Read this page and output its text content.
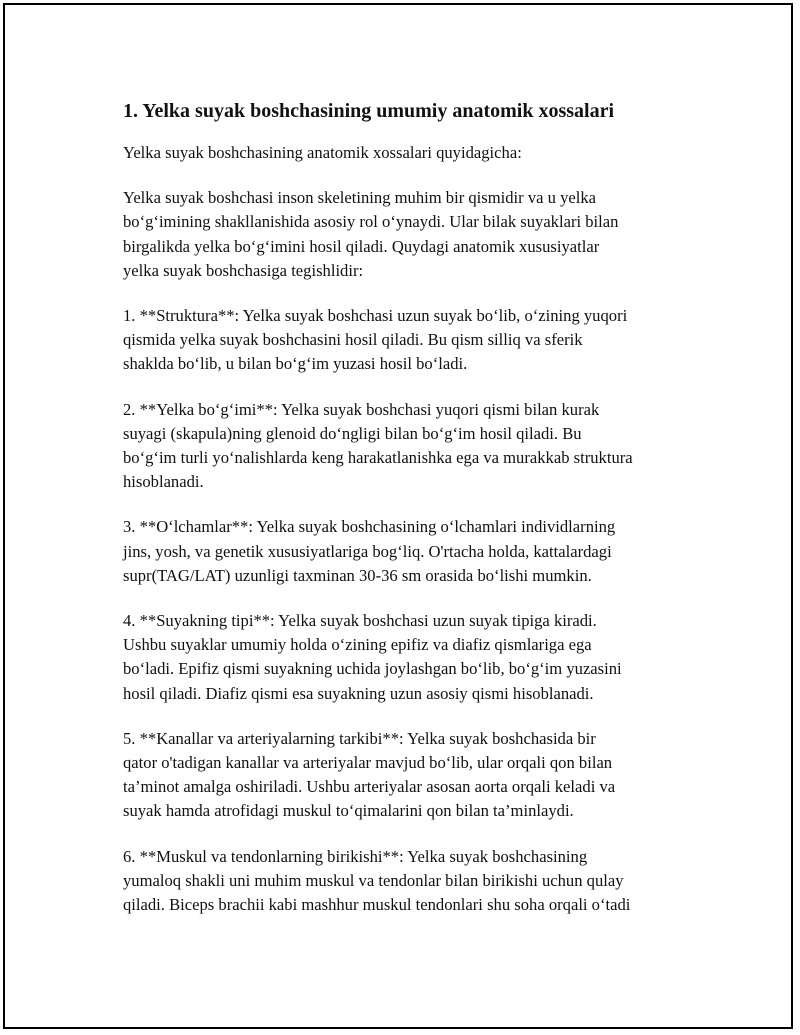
1. Yelka suyak boshchasining umumiy anatomik xossalari

Yelka suyak boshchasining anatomik xossalari quyidagicha:

Yelka suyak boshchasi inson skeletining muhim bir qismidir va u yelka
bo‘g‘imining shakllanishida asosiy rol o‘ynaydi. Ular bilak suyaklari bilan
birgalikda yelka bo‘g‘imini hosil qiladi. Quydagi anatomik xususiyatlar
yelka suyak boshchasiga tegishlidir:

1. **Struktura**: Yelka suyak boshchasi uzun suyak bo‘lib, o‘zining yuqori
qismida yelka suyak boshchasini hosil qiladi. Bu qism silliq va sferik
shaklda bo‘lib, u bilan bo‘g‘im yuzasi hosil bo‘ladi.

2. **Yelka bo‘g‘imi**: Yelka suyak boshchasi yuqori qismi bilan kurak
suyagi (skapula)ning glenoid do‘ngligi bilan bo‘g‘im hosil qiladi. Bu
bo‘g‘im turli yo‘nalishlarda keng harakatlanishka ega va murakkab struktura
hisoblanadi.

3. **O‘lchamlar**: Yelka suyak boshchasining o‘lchamlari individlarning
jins, yosh, va genetik xususiyatlariga bog‘liq. O'rtacha holda, kattalardagi
supr(TAG/LAT) uzunligi taxminan 30-36 sm orasida bo‘lishi mumkin.

4. **Suyakning tipi**: Yelka suyak boshchasi uzun suyak tipiga kiradi.
Ushbu suyaklar umumiy holda o‘zining epifiz va diafiz qismlariga ega
bo‘ladi. Epifiz qismi suyakning uchida joylashgan bo‘lib, bo‘g‘im yuzasini
hosil qiladi. Diafiz qismi esa suyakning uzun asosiy qismi hisoblanadi.

5. **Kanallar va arteriyalarning tarkibi**: Yelka suyak boshchasida bir
qator o'tadigan kanallar va arteriyalar mavjud bo‘lib, ular orqali qon bilan
ta’minot amalga oshiriladi. Ushbu arteriyalar asosan aorta orqali keladi va
suyak hamda atrofidagi muskul to‘qimalarini qon bilan ta’minlaydi.

6. **Muskul va tendonlarning birikishi**: Yelka suyak boshchasining
yumaloq shakli uni muhim muskul va tendonlar bilan birikishi uchun qulay
qiladi. Biceps brachii kabi mashhur muskul tendonlari shu soha orqali o‘tadi
